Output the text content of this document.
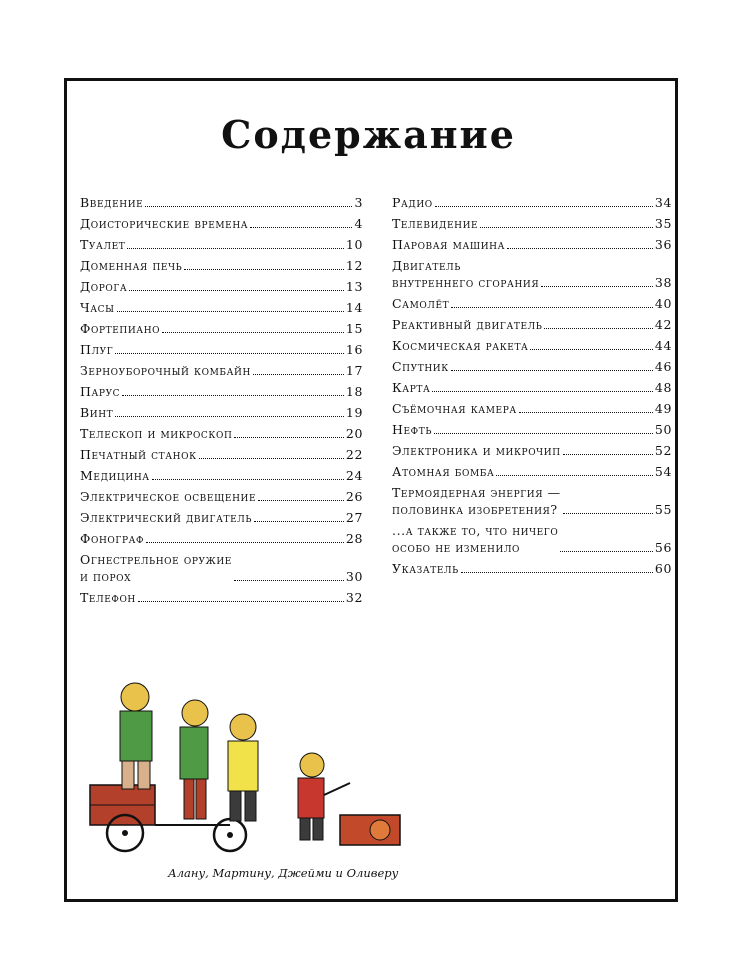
Содержание
Введение	3
Доисторические времена	4
Туалет	10
Доменная печь	12
Дорога	13
Часы	14
Фортепиано	15
Плуг	16
Зерноуборочный комбайн	17
Парус	18
Винт	19
Телескоп и микроскоп	20
Печатный станок	22
Медицина	24
Электрическое освещение	26
Электрический двигатель	27
Фонограф	28
Огнестрельное оружие
и порох	30
Телефон	32
Радио	34
Телевидение	35
Паровая машина	36
Двигатель
внутреннего сгорания	38
Самолёт	40
Реактивный двигатель	42
Космическая ракета	44
Спутник	46
Карта	48
Съёмочная камера	49
Нефть	50
Электроника и микрочип	52
Атомная бомба	54
Термоядерная энергия —
половинка изобретения?	55
...а также то, что ничего
особо не изменило	56
Указатель	60
Алану, Мартину, Джейми и Оливеру
